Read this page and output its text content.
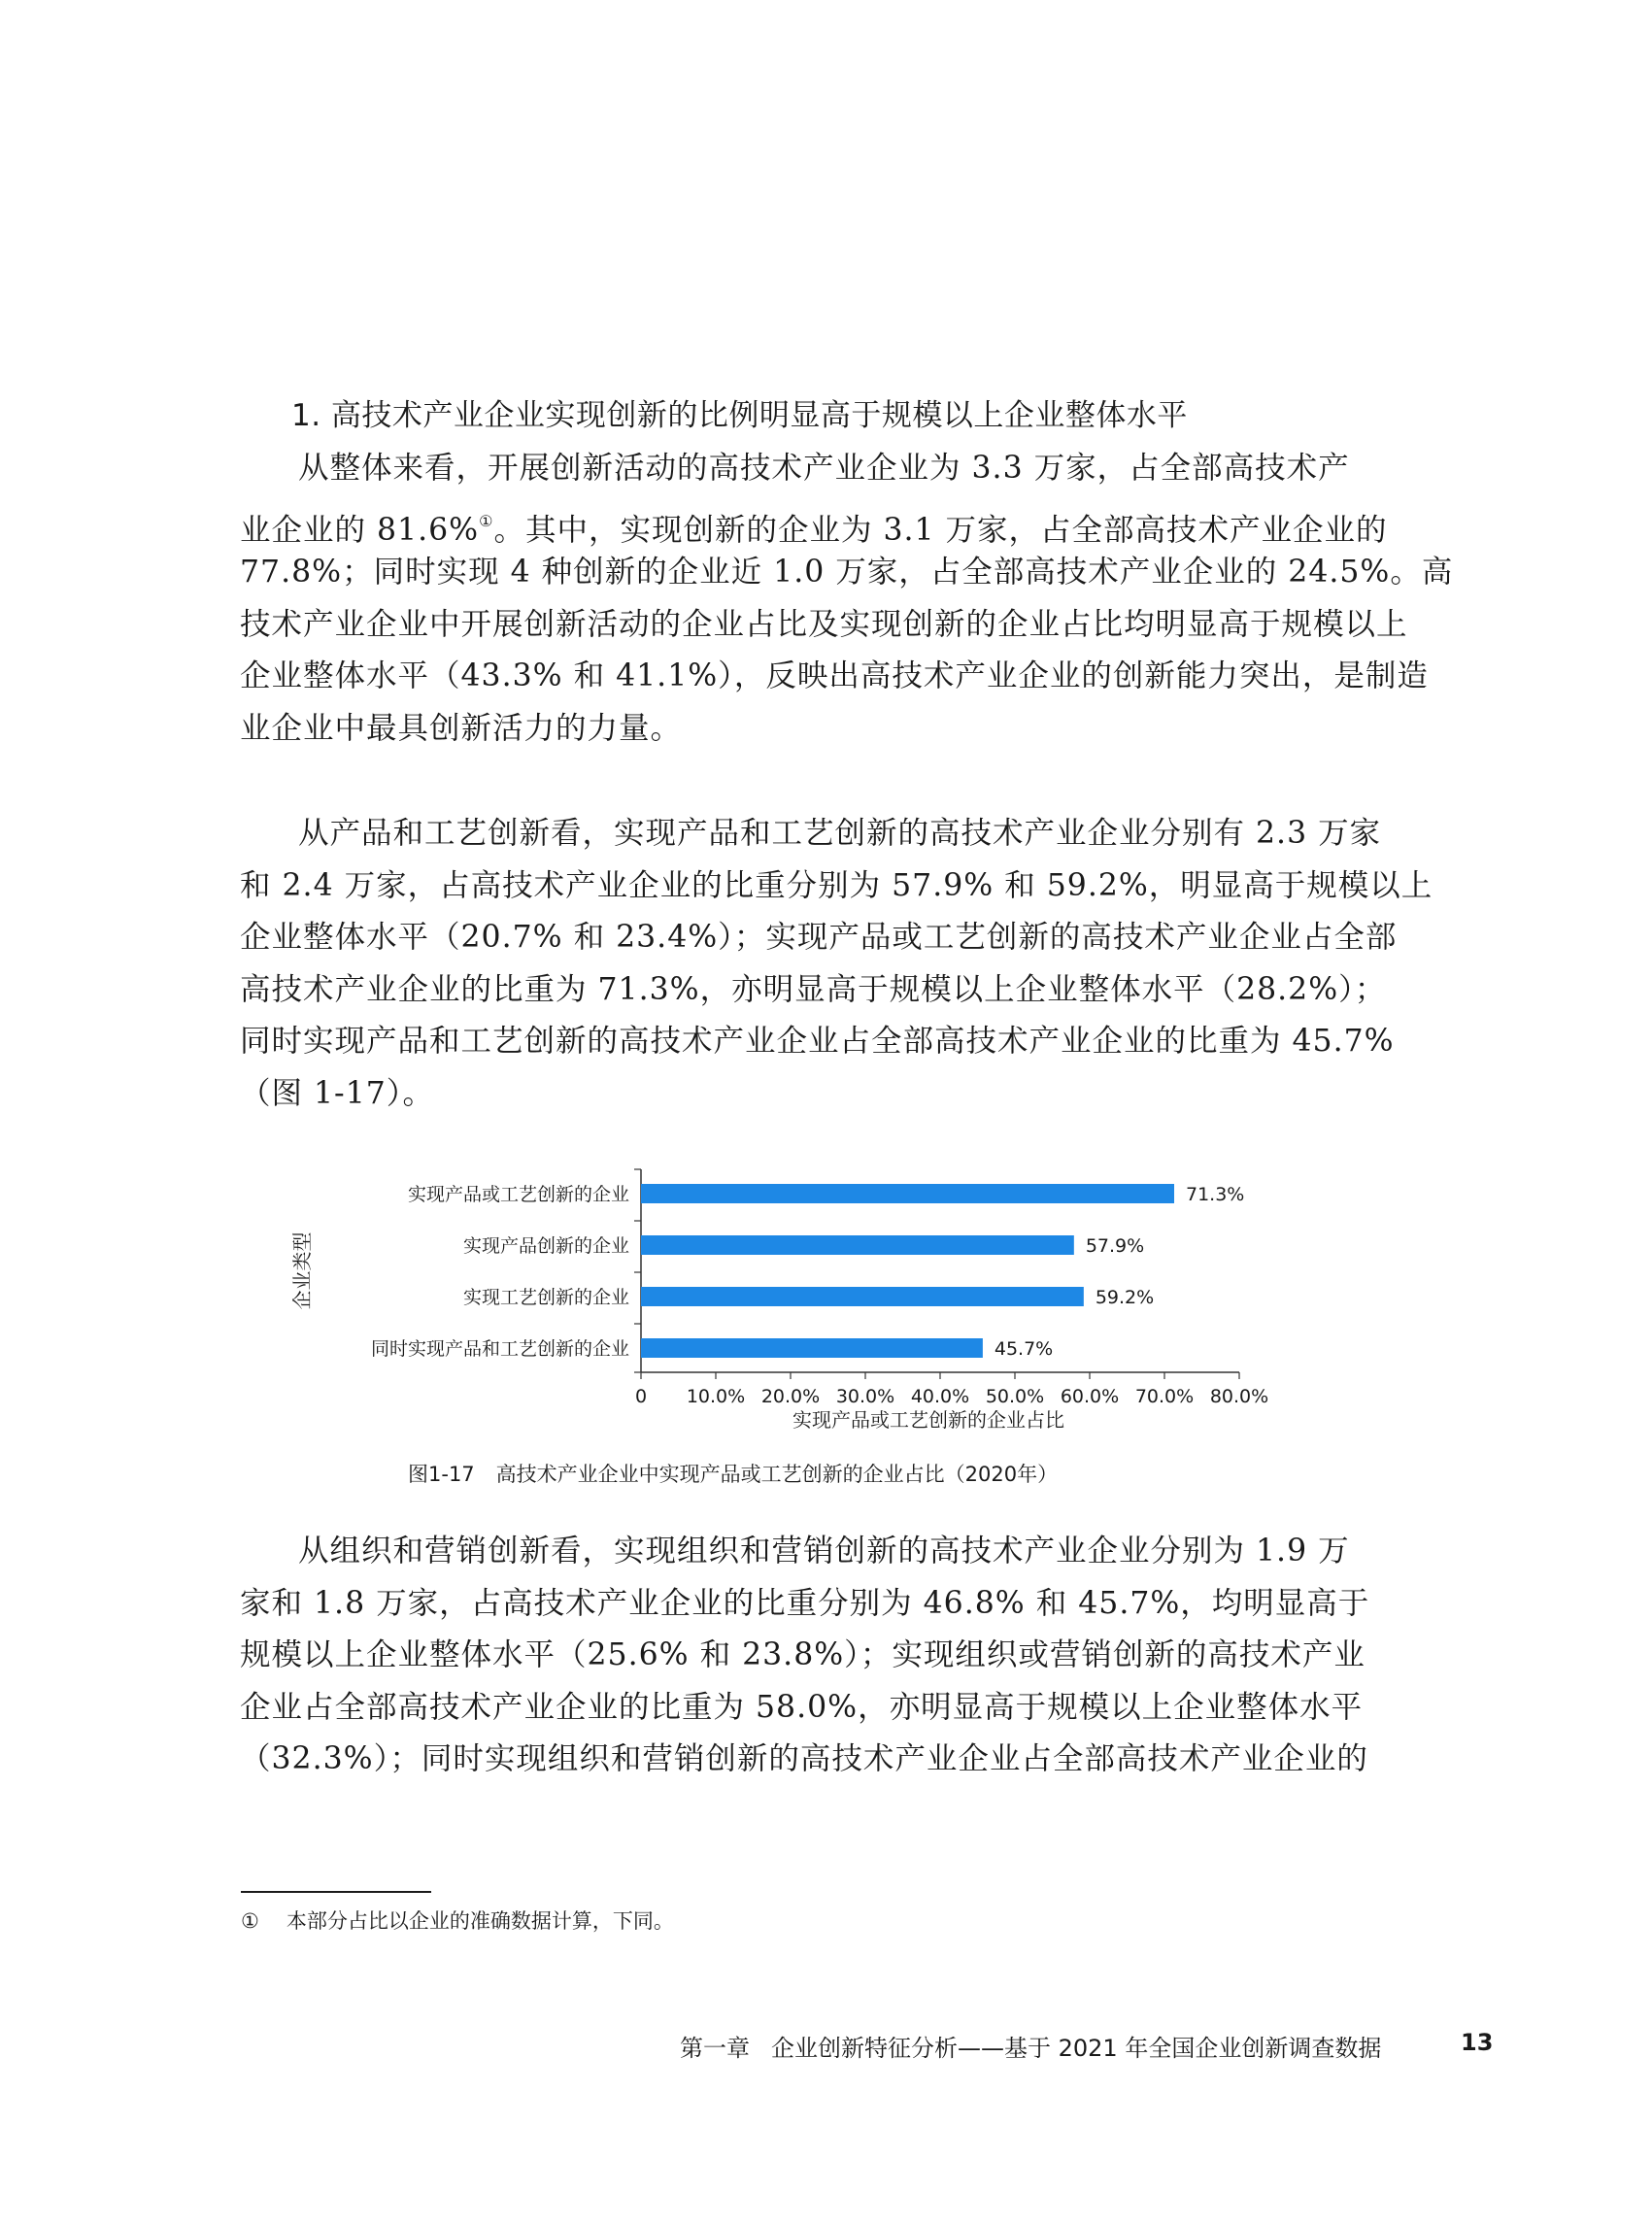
1. 高技术产业企业实现创新的比例明显高于规模以上企业整体水平
从整体来看，开展创新活动的高技术产业企业为 3.3 万家，占全部高技术产
业企业的 81.6%①。其中，实现创新的企业为 3.1 万家，占全部高技术产业企业的
77.8%；同时实现 4 种创新的企业近 1.0 万家，占全部高技术产业企业的 24.5%。高
技术产业企业中开展创新活动的企业占比及实现创新的企业占比均明显高于规模以上
企业整体水平（43.3% 和 41.1%），反映出高技术产业企业的创新能力突出，是制造
业企业中最具创新活力的力量。
从产品和工艺创新看，实现产品和工艺创新的高技术产业企业分别有 2.3 万家
和 2.4 万家，占高技术产业企业的比重分别为 57.9% 和 59.2%，明显高于规模以上
企业整体水平（20.7% 和 23.4%）；实现产品或工艺创新的高技术产业企业占全部
高技术产业企业的比重为 71.3%，亦明显高于规模以上企业整体水平（28.2%）；
同时实现产品和工艺创新的高技术产业企业占全部高技术产业企业的比重为 45.7%
（图 1-17）。
实现产品或工艺创新的企业	71.3%
实现产品创新的企业	57.9%
实现工艺创新的企业	59.2%
同时实现产品和工艺创新的企业	45.7%
0 10.0% 20.0% 30.0% 40.0% 50.0% 60.0% 70.0% 80.0%
实现产品或工艺创新的企业占比
企业类型
图1-17 高技术产业企业中实现产品或工艺创新的企业占比（2020年）
从组织和营销创新看，实现组织和营销创新的高技术产业企业分别为 1.9 万
家和 1.8 万家，占高技术产业企业的比重分别为 46.8% 和 45.7%，均明显高于
规模以上企业整体水平（25.6% 和 23.8%）；实现组织或营销创新的高技术产业
企业占全部高技术产业企业的比重为 58.0%，亦明显高于规模以上企业整体水平
（32.3%）；同时实现组织和营销创新的高技术产业企业占全部高技术产业企业的
① 本部分占比以企业的准确数据计算，下同。
第一章 企业创新特征分析——基于 2021 年全国企业创新调查数据	13
